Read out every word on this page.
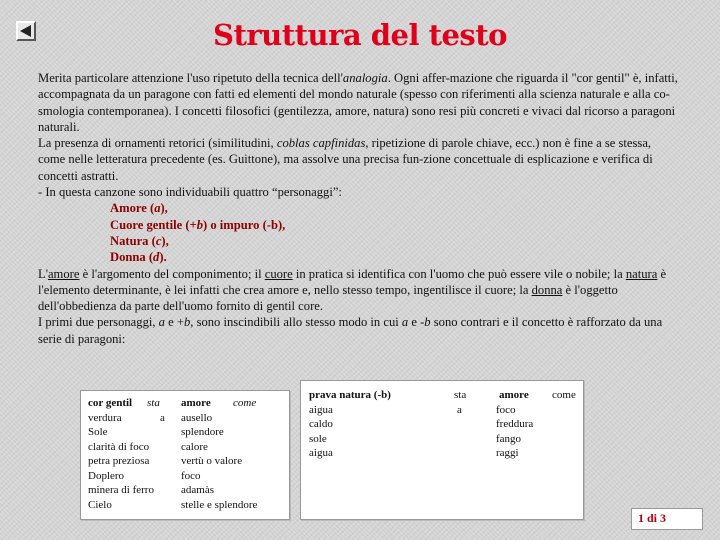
Struttura del testo

Merita particolare attenzione l'uso ripetuto della tecnica dell'analogia. Ogni affer-mazione che riguarda il "cor gentil" è, infatti, accompagnata da un paragone con fatti ed elementi del mondo naturale (spesso con riferimenti alla scienza naturale e alla co-smologia contemporanea). I concetti filosofici (gentilezza, amore, natura) sono resi più concreti e vivaci dal ricorso a paragoni naturali.

La presenza di ornamenti retorici (similitudini, coblas capfinidas, ripetizione di parole chiave, ecc.) non è fine a se stessa, come nelle letteratura precedente (es. Guittone), ma assolve una precisa fun-zione concettuale di esplicazione e verifica di concetti astratti.

- In questa canzone sono individuabili quattro “personaggi”:

Amore (a),
Cuore gentile (+b) o impuro (-b),
Natura (c),
Donna (d).

L'amore è l'argomento del componimento; il cuore in pratica si identifica con l'uomo che può essere vile o nobile; la natura è l'elemento determinante, è lei infatti che crea amore e, nello stesso tempo, ingentilisce il cuore; la donna è l'oggetto dell'obbedienza da parte dell'uomo fornito di gentil core.

I primi due personaggi, a e +b, sono inscindibili allo stesso modo in cui a e -b sono contrari e il concetto è rafforzato da una serie di paragoni:

cor gentil
verdura
Sole
clarità di foco
petra preziosa
Doplero
minera di ferro
Cielo
sta
a
amore
ausello
splendore
calore
vertù o valore
foco
adamàs
stelle e splendore
come
prava natura (-b)
aigua
caldo
sole
aigua
sta
a
amore
foco
freddura
fango
raggi
come
1 di 3
